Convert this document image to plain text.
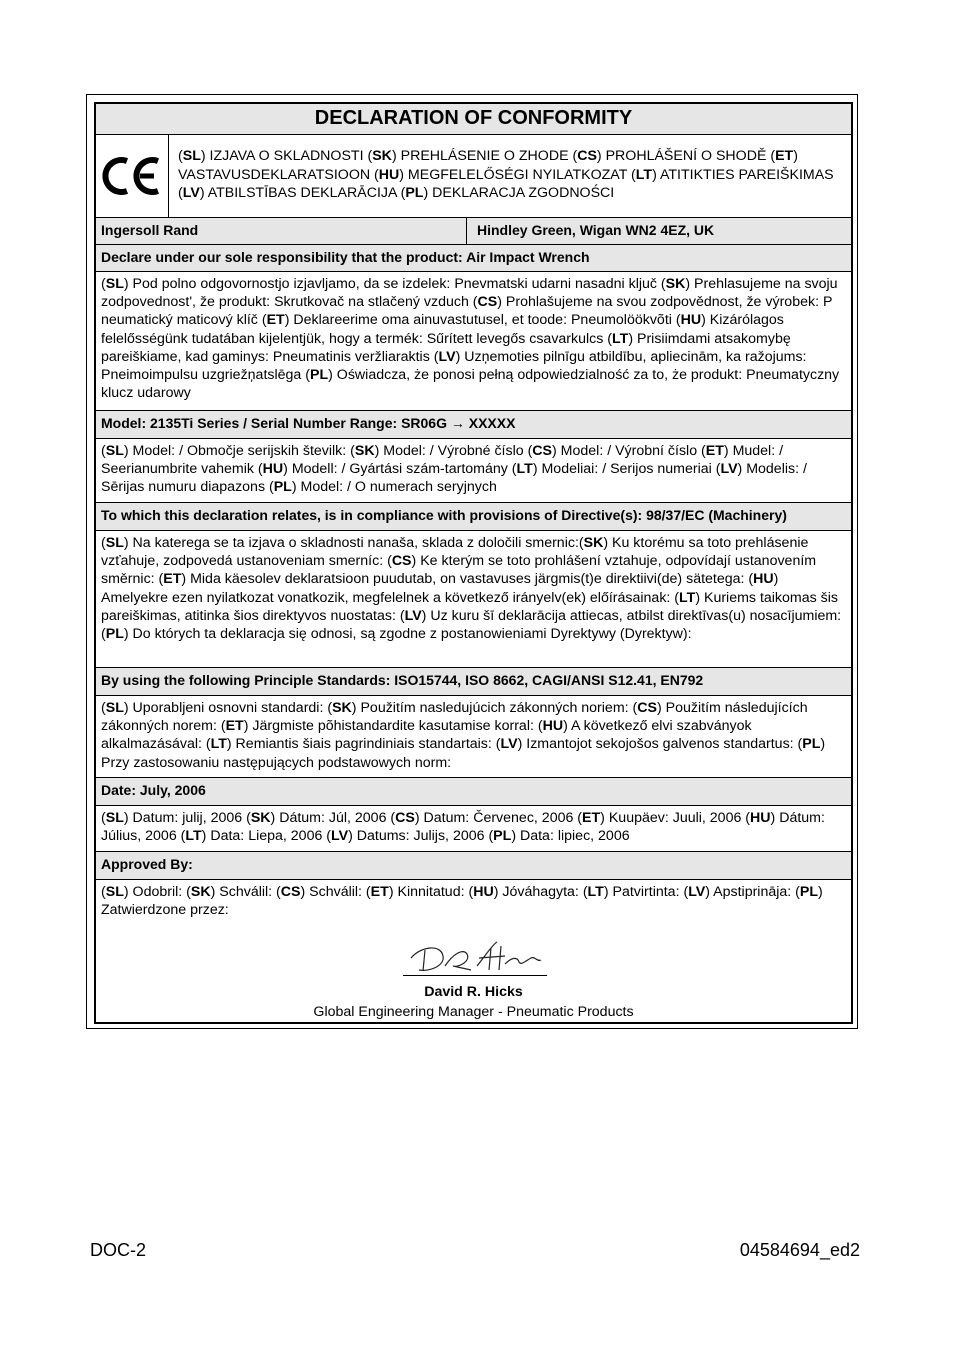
DECLARATION OF CONFORMITY
(SL) IZJAVA O SKLADNOSTI (SK) PREHLÁSENIE O ZHODE (CS) PROHLÁŠENÍ O SHODĚ (ET) VASTAVUSDEKLARATSIOON (HU) MEGFELELŐSÉGI NYILATKOZAT (LT) ATITIKTIES PAREIŠKIMAS (LV) ATBILSTĪBAS DEKLARĀCIJA (PL) DEKLARACJA ZGODNOŚCI
Ingersoll Rand	Hindley Green, Wigan WN2 4EZ, UK
Declare under our sole responsibility that the product: Air Impact Wrench
(SL) Pod polno odgovornostjo izjavljamo, da se izdelek: Pnevmatski udarni nasadni ključ (SK) Prehlasujeme na svoju zodpovednost', že produkt: Skrutkovač na stlačený vzduch (CS) Prohlašujeme na svou zodpovědnost, že výrobek: P neumatický maticový klíč (ET) Deklareerime oma ainuvastutusel, et toode: Pneumolöökvõti (HU) Kizárólagos felelősségünk tudatában kijelentjük, hogy a termék: Sűrített levegős csavarkulcs (LT) Prisiimdami atsakomybę pareiškiame, kad gaminys: Pneumatinis veržliaraktis (LV) Uzņemoties pilnīgu atbildību, apliecinām, ka ražojums: Pneimoimpulsu uzgriežņatslēga (PL) Oświadcza, że ponosi pełną odpowiedzialność za to, że produkt: Pneumatyczny klucz udarowy
Model: 2135Ti Series / Serial Number Range: SR06G → XXXXX
(SL) Model: / Območje serijskih številk: (SK) Model: / Výrobné číslo (CS) Model: / Výrobní číslo (ET) Mudel: / Seerianumbrite vahemik (HU) Modell: / Gyártási szám-tartomány (LT) Modeliai: / Serijos numeriai (LV) Modelis: / Sērijas numuru diapazons (PL) Model: / O numerach seryjnych
To which this declaration relates, is in compliance with provisions of Directive(s): 98/37/EC (Machinery)
(SL) Na katerega se ta izjava o skladnosti nanaša, sklada z določili smernic:(SK) Ku ktorému sa toto prehlásenie vzťahuje, zodpovedá ustanoveniam smerníc: (CS) Ke kterým se toto prohlášení vztahuje, odpovídají ustanovením směrnic: (ET) Mida käesolev deklaratsioon puudutab, on vastavuses järgmis(t)e direktiivi(de) sätetega: (HU) Amelyekre ezen nyilatkozat vonatkozik, megfelelnek a következő irányelv(ek) előírásainak: (LT) Kuriems taikomas šis pareiškimas, atitinka šios direktyvos nuostatas: (LV) Uz kuru šī deklarācija attiecas, atbilst direktīvas(u) nosacījumiem: (PL) Do których ta deklaracja się odnosi, są zgodne z postanowieniami Dyrektywy (Dyrektyw):
By using the following Principle Standards: ISO15744, ISO 8662, CAGI/ANSI S12.41, EN792
(SL) Uporabljeni osnovni standardi: (SK) Použitím nasledujúcich zákonných noriem: (CS) Použitím následujících zákonných norem: (ET) Järgmiste põhistandardite kasutamise korral: (HU) A következő elvi szabványok alkalmazásával: (LT) Remiantis šiais pagrindiniais standartais: (LV) Izmantojot sekojošos galvenos standartus: (PL) Przy zastosowaniu następujących podstawowych norm:
Date: July, 2006
(SL) Datum: julij, 2006 (SK) Dátum: Júl, 2006 (CS) Datum: Červenec, 2006 (ET) Kuupäev: Juuli, 2006 (HU) Dátum: Július, 2006 (LT) Data: Liepa, 2006 (LV) Datums: Julijs, 2006 (PL) Data: lipiec, 2006
Approved By:
(SL) Odobril: (SK) Schválil: (CS) Schválil: (ET) Kinnitatud: (HU) Jóváhagyta: (LT) Patvirtinta: (LV) Apstiprināja: (PL) Zatwierdzone przez:
David R. Hicks
Global Engineering Manager - Pneumatic Products
DOC-2	04584694_ed2
